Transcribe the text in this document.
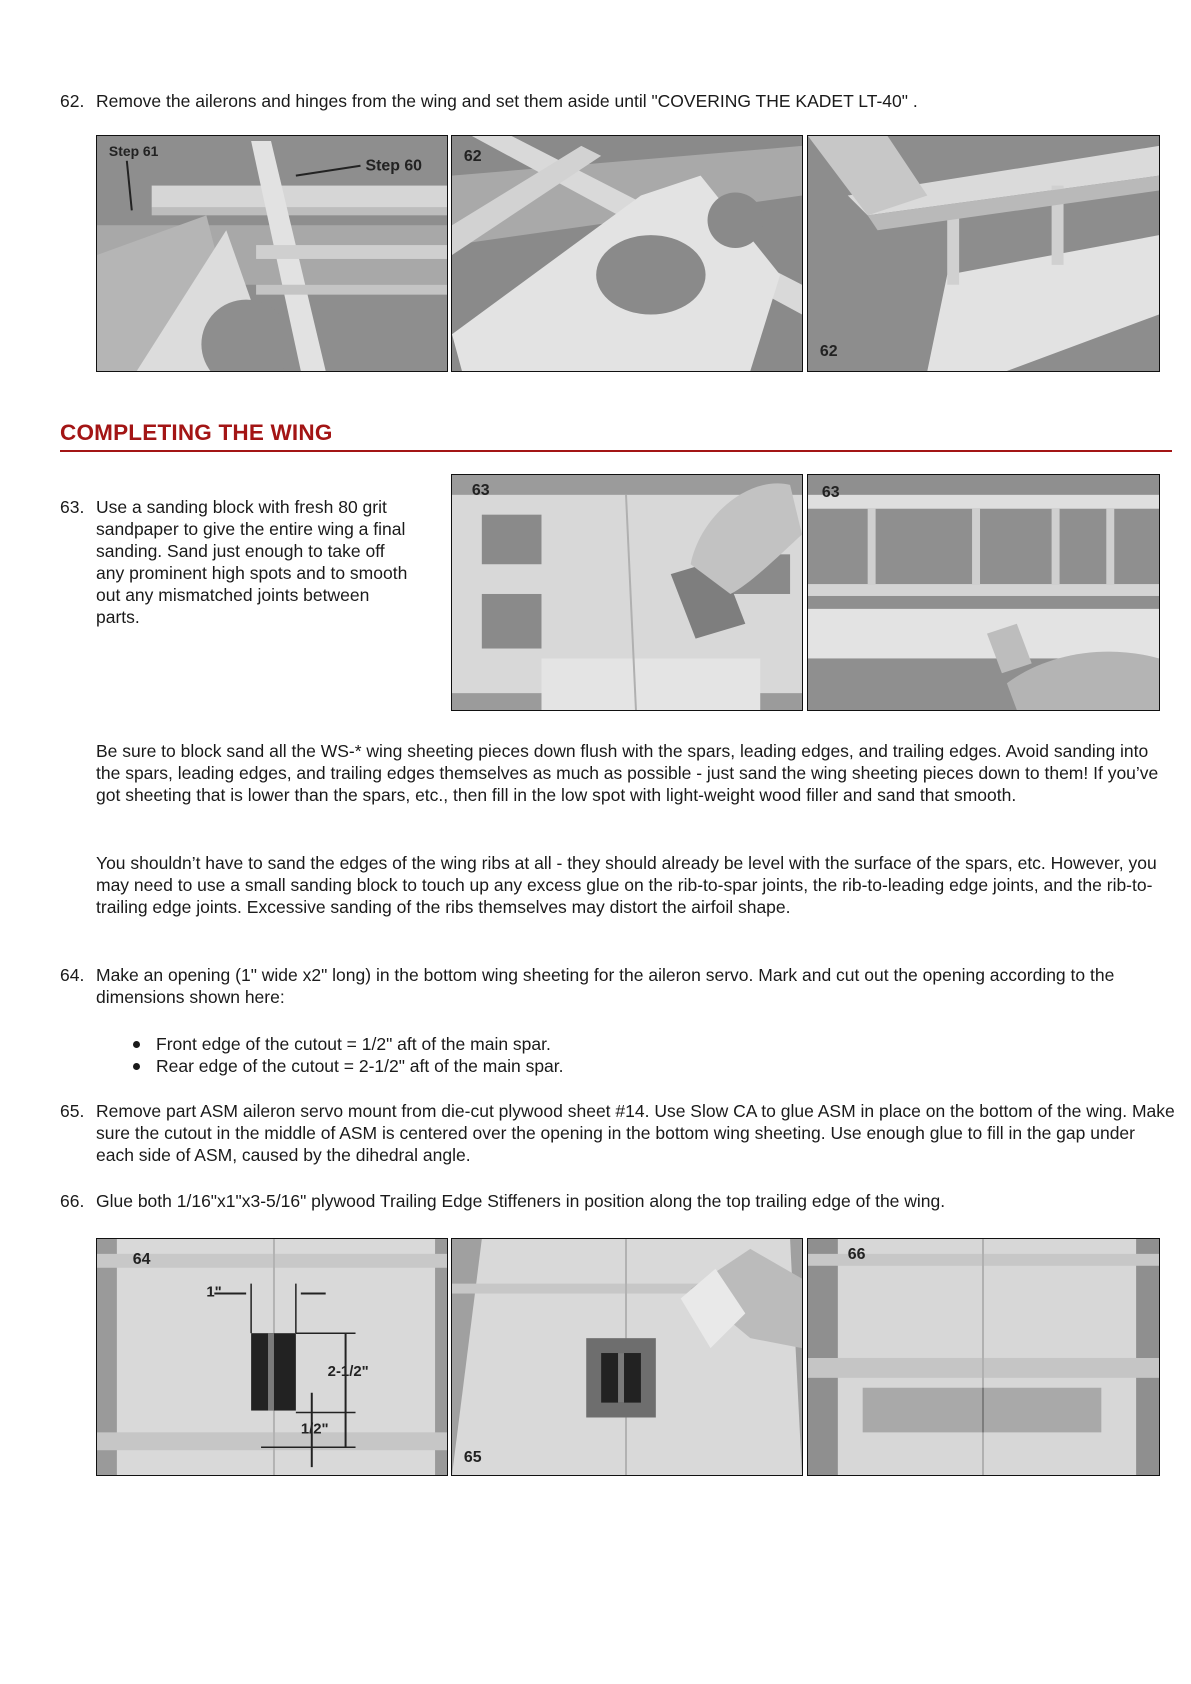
62. Remove the ailerons and hinges from the wing and set them aside until "COVERING THE KADET LT-40" .

Step 61
Step 60
62
62
COMPLETING THE WING
63. Use a sanding block with fresh 80 grit
sandpaper to give the entire wing a final
sanding. Sand just enough to take off
any prominent high spots and to smooth
out any mismatched joints between
parts.
63	63

Be sure to block sand all the WS-* wing sheeting pieces down flush with the spars, leading edges, and trailing edges. Avoid sanding into the spars, leading edges, and trailing edges themselves as much as possible - just sand the wing sheeting pieces down to them! If you’ve got sheeting that is lower than the spars, etc., then fill in the low spot with light-weight wood filler and sand that smooth.

You shouldn’t have to sand the edges of the wing ribs at all - they should already be level with the surface of the spars, etc. However, you may need to use a small sanding block to touch up any excess glue on the rib-to-spar joints, the rib-to-leading edge joints, and the rib-to-trailing edge joints. Excessive sanding of the ribs themselves may distort the airfoil shape.

64. Make an opening (1" wide x2" long) in the bottom wing sheeting for the aileron servo. Mark and cut out the opening according to the dimensions shown here:

Front edge of the cutout = 1/2" aft of the main spar.
Rear edge of the cutout = 2-1/2" aft of the main spar.
65. Remove part ASM aileron servo mount from die-cut plywood sheet #14. Use Slow CA to glue ASM in place on the bottom of the wing. Make sure the cutout in the middle of ASM is centered over the opening in the bottom wing sheeting. Use enough glue to fill in the gap under each side of ASM, caused by the dihedral angle.

66. Glue both 1/16"x1"x3-5/16" plywood Trailing Edge Stiffeners in position along the top trailing edge of the wing.

64
1"
2-1/2"
1/2"
65
66
